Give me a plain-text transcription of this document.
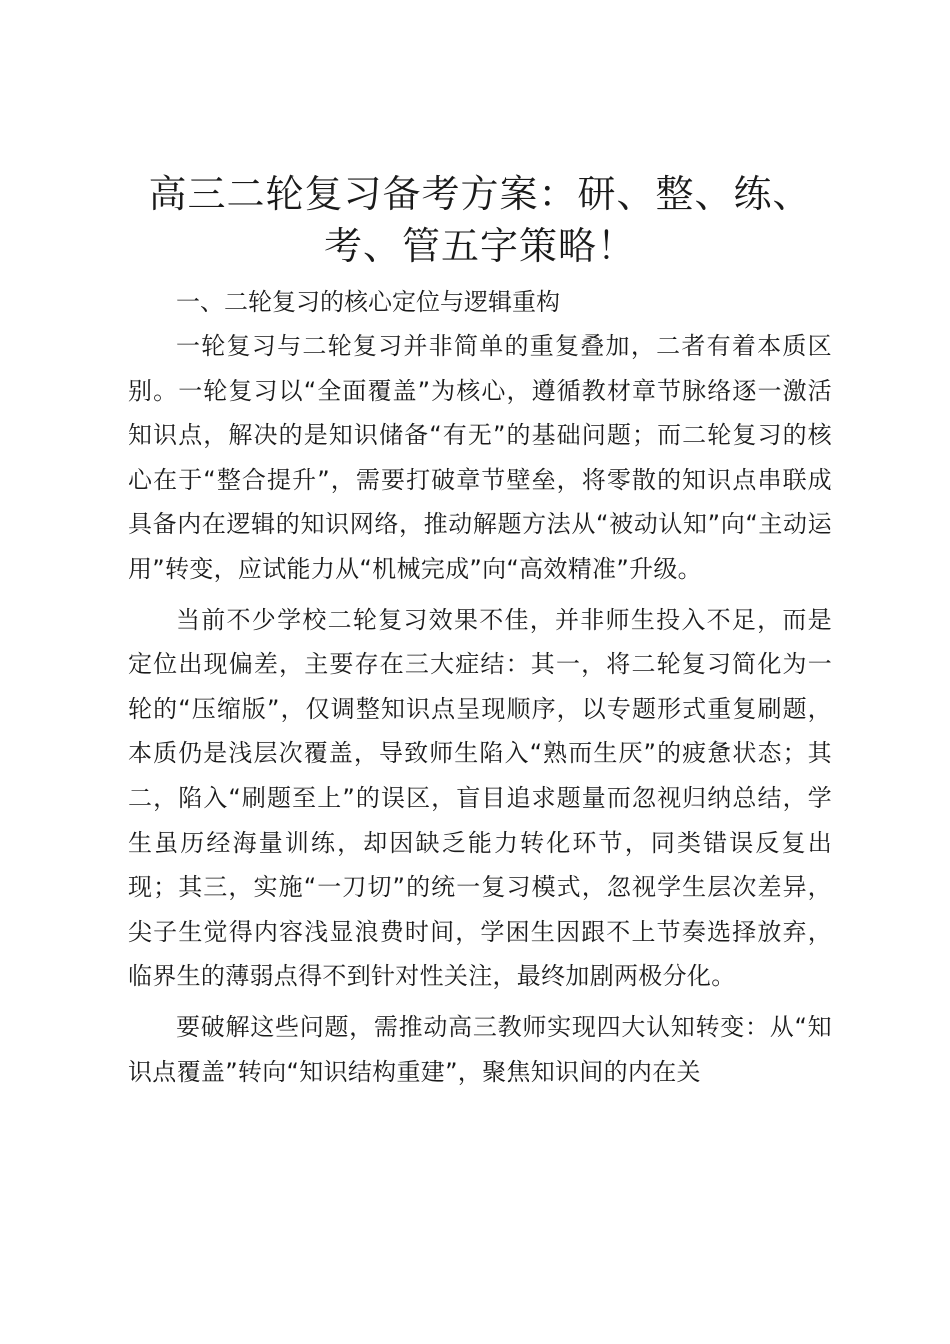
高三二轮复习备考方案：研、整、练、考、管五字策略！
一、二轮复习的核心定位与逻辑重构

一轮复习与二轮复习并非简单的重复叠加，二者有着本质区别。一轮复习以“全面覆盖”为核心，遵循教材章节脉络逐一激活知识点，解决的是知识储备“有无”的基础问题；而二轮复习的核心在于“整合提升”，需要打破章节壁垒，将零散的知识点串联成具备内在逻辑的知识网络，推动解题方法从“被动认知”向“主动运用”转变，应试能力从“机械完成”向“高效精准”升级。

当前不少学校二轮复习效果不佳，并非师生投入不足，而是定位出现偏差，主要存在三大症结：其一，将二轮复习简化为一轮的“压缩版”，仅调整知识点呈现顺序，以专题形式重复刷题，本质仍是浅层次覆盖，导致师生陷入“熟而生厌”的疲惫状态；其二，陷入“刷题至上”的误区，盲目追求题量而忽视归纳总结，学生虽历经海量训练，却因缺乏能力转化环节，同类错误反复出现；其三，实施“一刀切”的统一复习模式，忽视学生层次差异，尖子生觉得内容浅显浪费时间，学困生因跟不上节奏选择放弃，临界生的薄弱点得不到针对性关注，最终加剧两极分化。

要破解这些问题，需推动高三教师实现四大认知转变：从“知识点覆盖”转向“知识结构重建”，聚焦知识间的内在关
